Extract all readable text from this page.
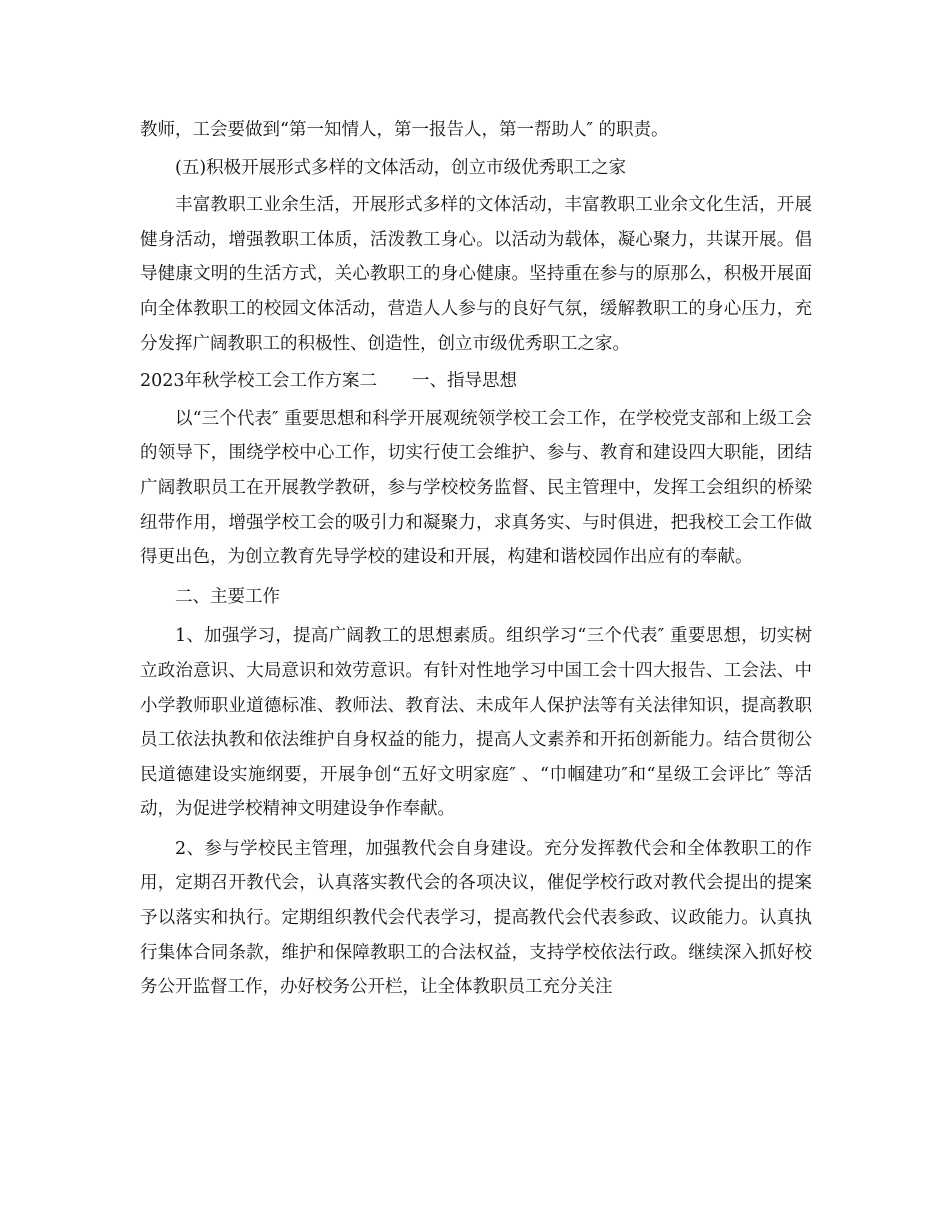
教师，工会要做到“第一知情人，第一报告人，第一帮助人″ 的职责。

(五)积极开展形式多样的文体活动，创立市级优秀职工之家

丰富教职工业余生活，开展形式多样的文体活动，丰富教职工业余文化生活，开展健身活动，增强教职工体质，活泼教工身心。以活动为载体，凝心聚力，共谋开展。倡导健康文明的生活方式，关心教职工的身心健康。坚持重在参与的原那么，积极开展面向全体教职工的校园文体活动，营造人人参与的良好气氛，缓解教职工的身心压力，充分发挥广阔教职工的积极性、创造性，创立市级优秀职工之家。

2023年秋学校工会工作方案二　　一、指导思想

以“三个代表″ 重要思想和科学开展观统领学校工会工作，在学校党支部和上级工会的领导下，围绕学校中心工作，切实行使工会维护、参与、教育和建设四大职能，团结广阔教职员工在开展教学教研，参与学校校务监督、民主管理中，发挥工会组织的桥梁纽带作用，增强学校工会的吸引力和凝聚力，求真务实、与时俱进，把我校工会工作做得更出色，为创立教育先导学校的建设和开展，构建和谐校园作出应有的奉献。

二、主要工作

1、加强学习，提高广阔教工的思想素质。组织学习“三个代表″ 重要思想，切实树立政治意识、大局意识和效劳意识。有针对性地学习中国工会十四大报告、工会法、中小学教师职业道德标准、教师法、教育法、未成年人保护法等有关法律知识，提高教职员工依法执教和依法维护自身权益的能力，提高人文素养和开拓创新能力。结合贯彻公民道德建设实施纲要，开展争创“五好文明家庭″ 、“巾帼建功″和“星级工会评比″ 等活动，为促进学校精神文明建设争作奉献。

2、参与学校民主管理，加强教代会自身建设。充分发挥教代会和全体教职工的作用，定期召开教代会，认真落实教代会的各项决议，催促学校行政对教代会提出的提案予以落实和执行。定期组织教代会代表学习，提高教代会代表参政、议政能力。认真执行集体合同条款，维护和保障教职工的合法权益，支持学校依法行政。继续深入抓好校务公开监督工作，办好校务公开栏，让全体教职员工充分关注
